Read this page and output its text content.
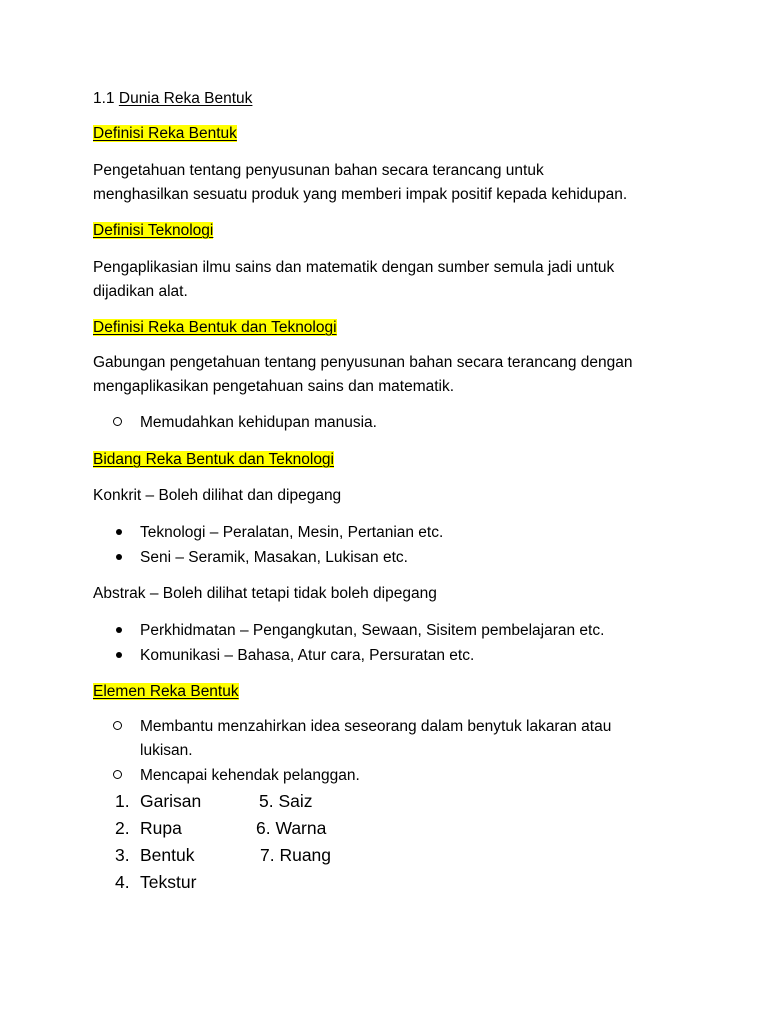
1.1 Dunia Reka Bentuk
Definisi Reka Bentuk
Pengetahuan tentang penyusunan bahan secara terancang untuk
menghasilkan sesuatu produk yang memberi impak positif kepada kehidupan.
Definisi Teknologi
Pengaplikasian ilmu sains dan matematik dengan sumber semula jadi untuk
dijadikan alat.
Definisi Reka Bentuk dan Teknologi
Gabungan pengetahuan tentang penyusunan bahan secara terancang dengan
mengaplikasikan pengetahuan sains dan matematik.
Memudahkan kehidupan manusia.
Bidang Reka Bentuk dan Teknologi
Konkrit – Boleh dilihat dan dipegang
Teknologi – Peralatan, Mesin, Pertanian etc.
Seni – Seramik, Masakan, Lukisan etc.
Abstrak – Boleh dilihat tetapi tidak boleh dipegang
Perkhidmatan – Pengangkutan, Sewaan, Sisitem pembelajaran etc.
Komunikasi – Bahasa, Atur cara, Persuratan etc.
Elemen Reka Bentuk
Membantu menzahirkan idea seseorang dalam benytuk lakaran atau
lukisan.
Mencapai kehendak pelanggan.
1. Garisan	5. Saiz
2. Rupa	6. Warna
3. Bentuk	7. Ruang
4. Tekstur
